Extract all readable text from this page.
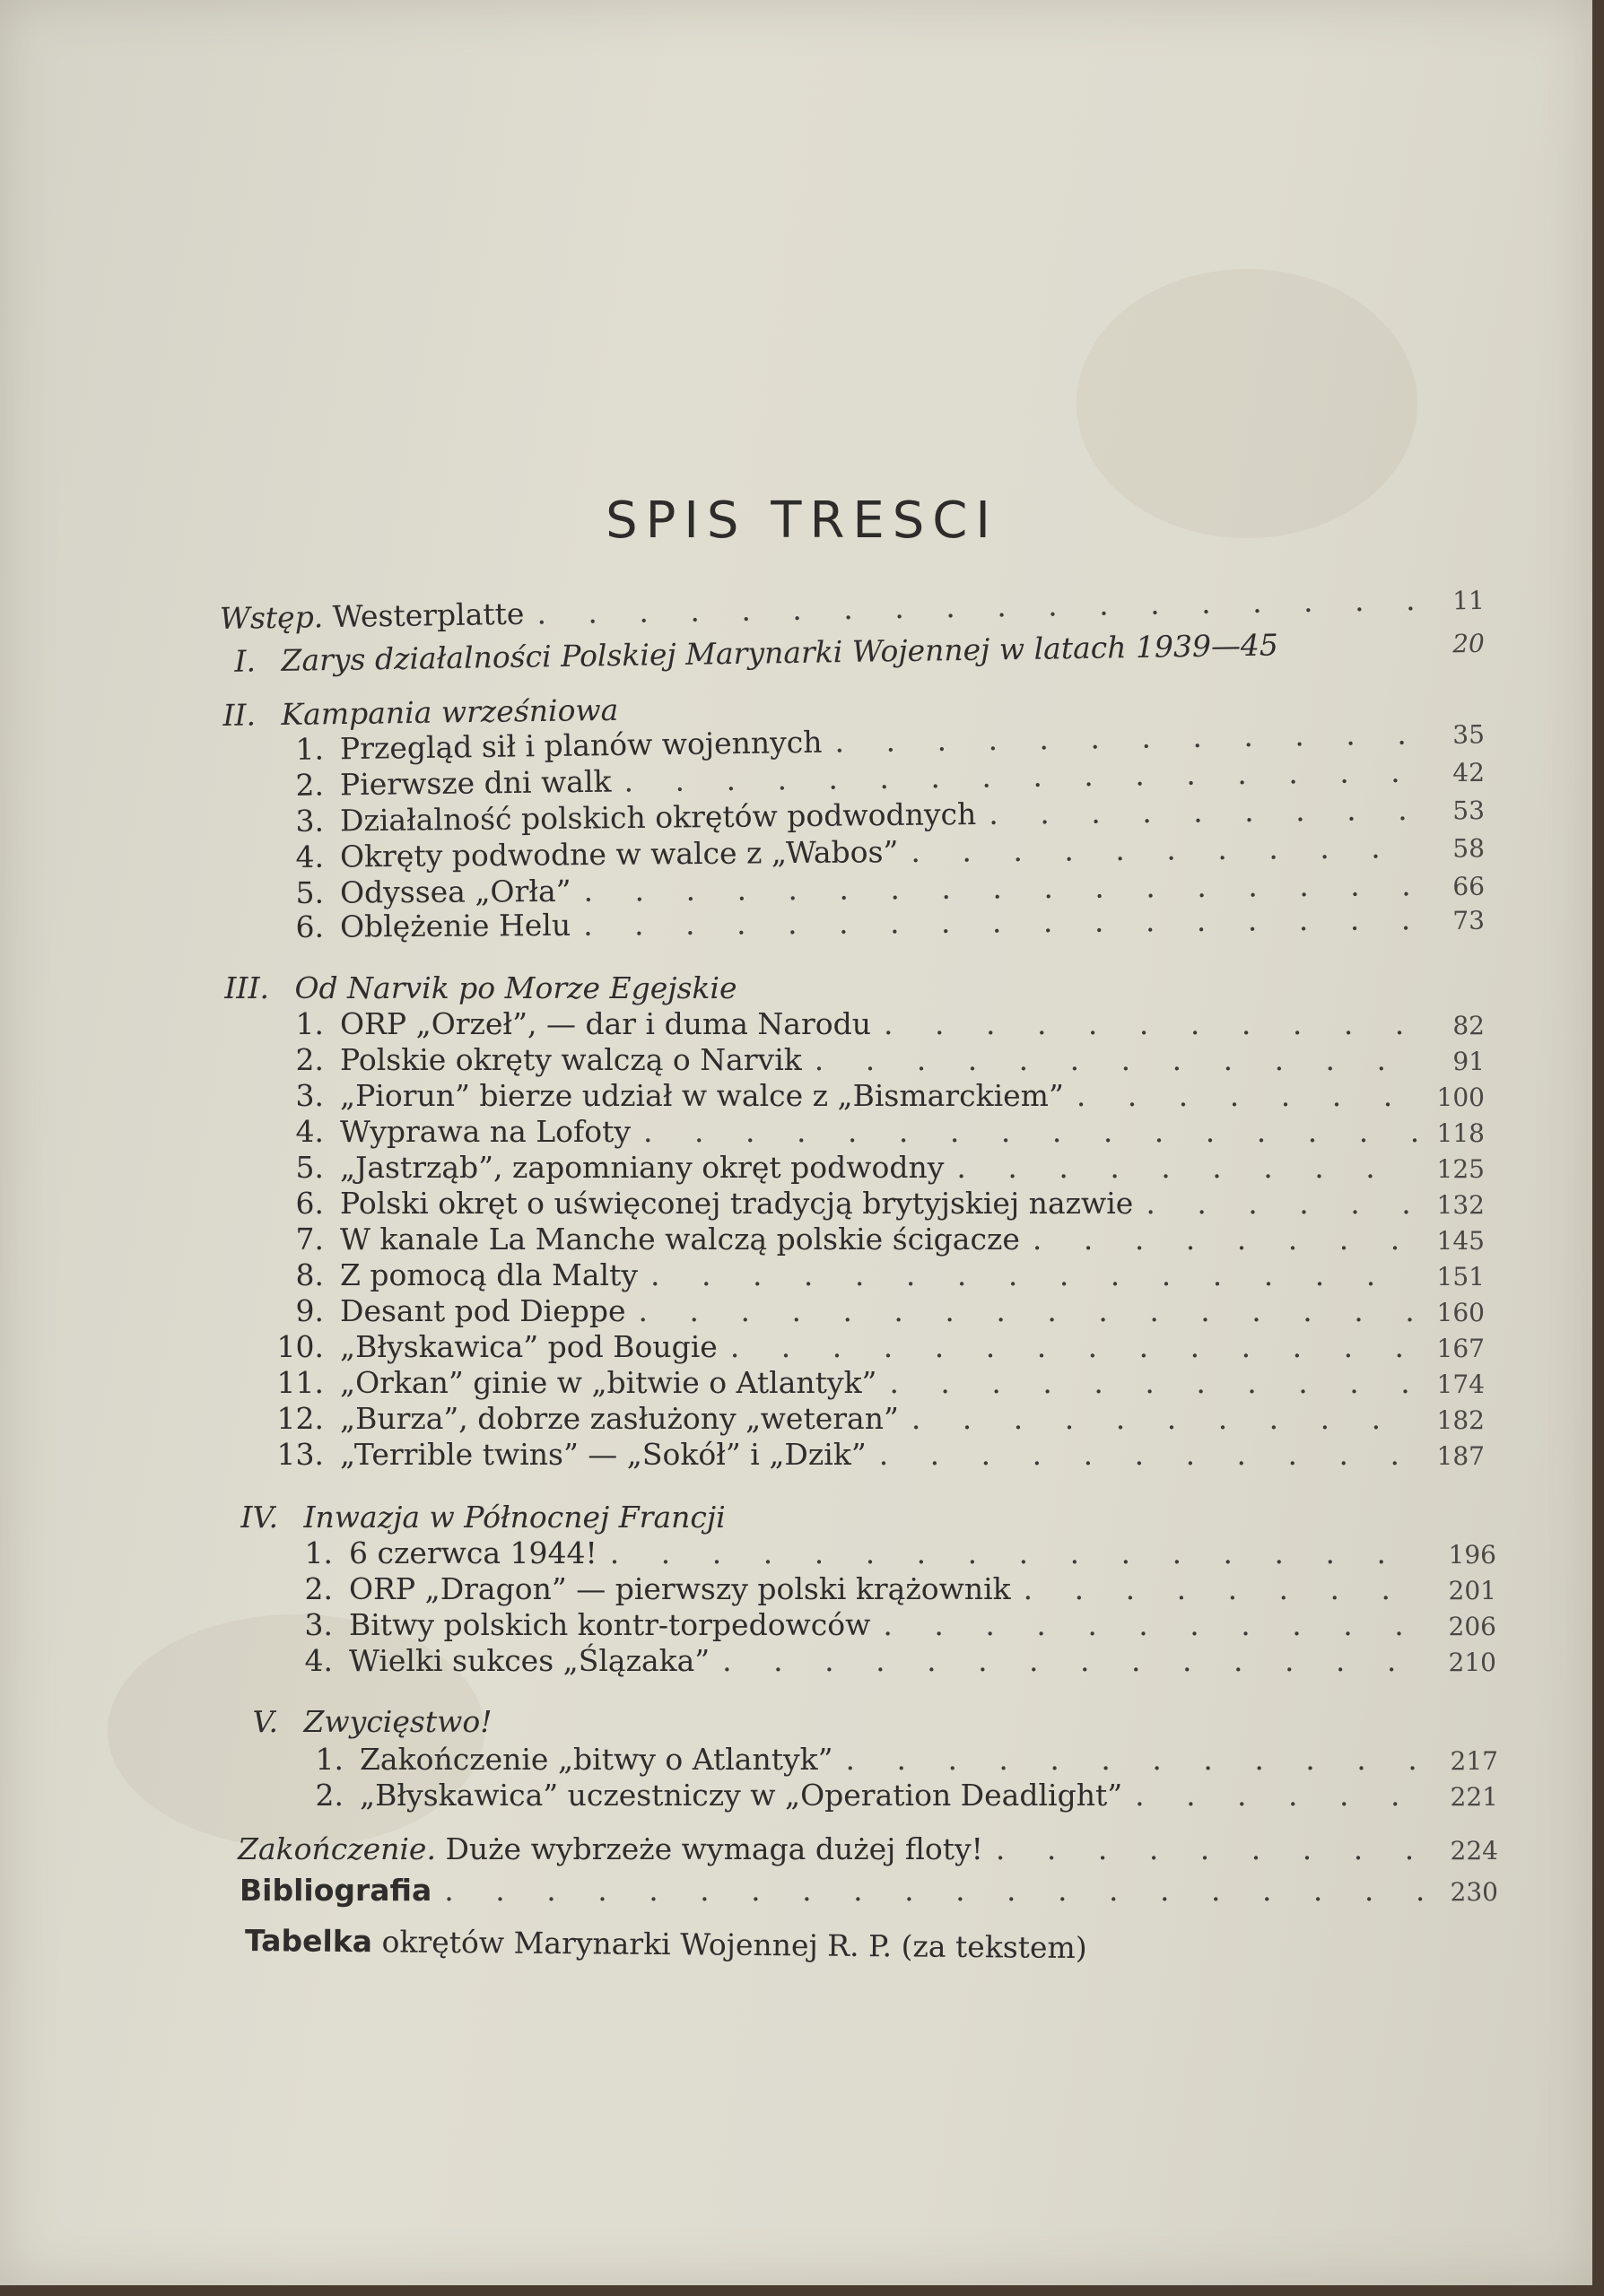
SPIS TRESCI
Wstęp. Westerplatte . . .	11
I. Zarys działalności Polskiej Marynarki Wojennej w latach 1939—45	20
II. Kampania wrześniowa
1. Przegląd sił i planów wojennych . . .	35
2. Pierwsze dni walk . . .	42
3. Działalność polskich okrętów podwodnych . . .	53
4. Okręty podwodne w walce z „Wabos” . . .	58
5. Odyssea „Orła” . . .	66
6. Oblężenie Helu . . .	73
III. Od Narvik po Morze Egejskie
1. ORP „Orzeł”, — dar i duma Narodu . . .	82
2. Polskie okręty walczą o Narvik . . .	91
3. „Piorun” bierze udział w walce z „Bismarckiem” . . .	100
4. Wyprawa na Lofoty . . .	118
5. „Jastrząb”, zapomniany okręt podwodny . . .	125
6. Polski okręt o uświęconej tradycją brytyjskiej nazwie . . .	132
7. W kanale La Manche walczą polskie ścigacze . . .	145
8. Z pomocą dla Malty . . .	151
9. Desant pod Dieppe . . .	160
10. „Błyskawica” pod Bougie . . .	167
11. „Orkan” ginie w „bitwie o Atlantyk” . . .	174
12. „Burza”, dobrze zasłużony „weteran” . . .	182
13. „Terrible twins” — „Sokół” i „Dzik” . . .	187
IV. Inwazja w Północnej Francji
1. 6 czerwca 1944! . . .	196
2. ORP „Dragon” — pierwszy polski krążownik . . .	201
3. Bitwy polskich kontr-torpedowców . . .	206
4. Wielki sukces „Ślązaka” . . .	210
V. Zwycięstwo!
1. Zakończenie „bitwy o Atlantyk” . . .	217
2. „Błyskawica” uczestniczy w „Operation Deadlight” . . .	221
Zakończenie. Duże wybrzeże wymaga dużej floty! . . .	224
Bibliografia . . .	230
Tabelka okrętów Marynarki Wojennej R. P. (za tekstem)
